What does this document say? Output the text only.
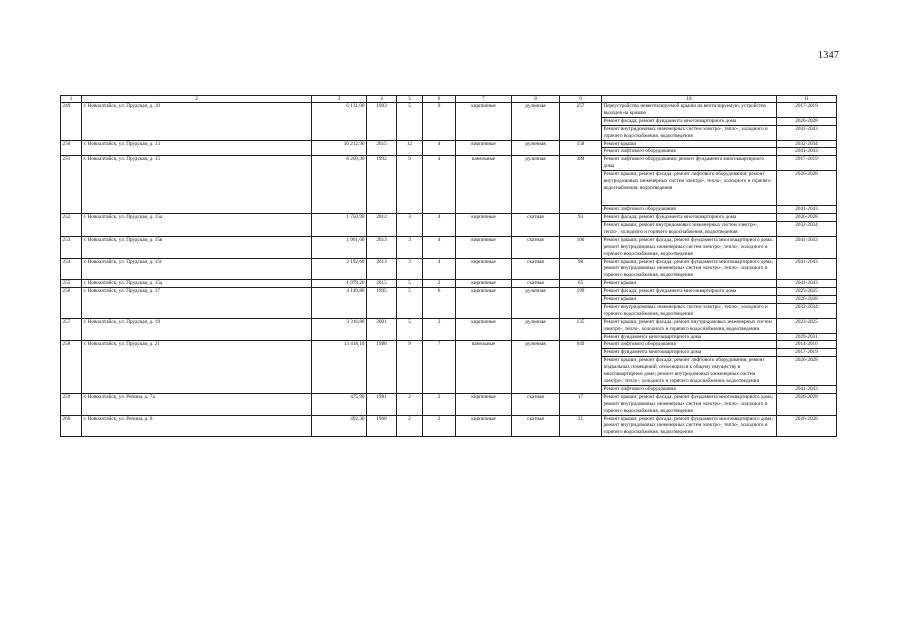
1347
1	2	3	4	5	6	7	8	9	10	11
249	г. Новоалтайск, ул. Прудская, д. 10	6 131,00	1983	5	9	кирпичные	рулонная	257	Переустройство невентилируемой крыши на вентилируемую, устройство выходов на кровлю	2017-2019
									Ремонт фасада; ремонт фундамента многоквартирного дома	2026-2028
									Ремонт внутридомовых инженерных систем электро-, тепло-, холодного и горячего водоснабжения, водоотведения	2041-2043
250	г. Новоалтайск, ул. Прудская, д. 13	10 212,90	2015	12	4	кирпичные	рулонная	158	Ремонт крыши	2032-2034
									Ремонт лифтового оборудования	2041-2043
251	г. Новоалтайск, ул. Прудская, д. 15	8 269,30	1992	9	4	панельные	рулонная	384	Ремонт лифтового оборудования; ремонт фундамента многоквартирного дома	2017-2019
									Ремонт крыши; ремонт фасада; ремонт лифтового оборудования; ремонт внутридомовых инженерных систем электро-, тепло-, холодного и горячего водоснабжения, водоотведения	2026-2028
									Ремонт лифтового оборудования	2041-2043
252	г. Новоалтайск, ул. Прудская, д. 15а	1 750,90	2012	3	4	кирпичные	скатная	93	Ремонт фасада; ремонт фундамента многоквартирного дома	2026-2028
									Ремонт крыши; ремонт внутридомовых инженерных систем электро-, тепло-, холодного и горячего водоснабжения, водоотведения	2032-2034
253	г. Новоалтайск, ул. Прудская, д. 15в	1 961,00	2013	3	4	кирпичные	скатная	100	Ремонт крыши; ремонт фасада; ремонт фундамента многоквартирного дома; ремонт внутридомовых инженерных систем электро-, тепло-, холодного и горячего водоснабжения, водоотведения	2041-2043
254	г. Новоалтайск, ул. Прудская, д. 15г	2 192,60	2013	3	4	кирпичные	скатная	98	Ремонт крыши; ремонт фасада; ремонт фундамента многоквартирного дома; ремонт внутридомовых инженерных систем электро-, тепло-, холодного и горячего водоснабжения, водоотведения	2041-2043
255	г. Новоалтайск, ул. Прудская, д. 15д	1 979,20	2015	5	2	кирпичные	скатная	65	Ремонт крыши	2041-2043
256	г. Новоалтайск, ул. Прудская, д. 17	4 149,86	1995	5	6	кирпичные	рулонная	199	Ремонт фасада; ремонт фундамента многоквартирного дома	2023-2025
									Ремонт крыши	2026-2028
									Ремонт внутридомовых инженерных систем электро-, тепло-, холодного и горячего водоснабжения, водоотведения	2032-2034
257	г. Новоалтайск, ул. Прудская, д. 19	3 316,80	2001	5	3	кирпичные	рулонная	135	Ремонт крыши; ремонт фасада; ремонт внутридомовых инженерных систем электро-, тепло-, холодного и горячего водоснабжения, водоотведения	2023-2025
									Ремонт фундамента многоквартирного дома	2029-2031
258	г. Новоалтайск, ул. Прудская, д. 21	13 418,10	1988	9	7	панельные	рулонная	649	Ремонт лифтового оборудования	2014-2016
									Ремонт фундамента многоквартирного дома	2017-2019
									Ремонт крыши; ремонт фасада; ремонт лифтового оборудования; ремонт подвальных помещений, относящихся к общему имуществу в многоквартирном доме; ремонт внутридомовых инженерных систем электро-, тепло-, холодного и горячего водоснабжения, водоотведения	2026-2028
									Ремонт лифтового оборудования	2041-2043
259	г. Новоалтайск, ул. Репина, д. 7а	475,90	1981	2	2	кирпичные	скатная	17	Ремонт крыши; ремонт фасада; ремонт фундамента многоквартирного дома; ремонт внутридомовых инженерных систем электро-, тепло-, холодного и горячего водоснабжения, водоотведения	2026-2028
260	г. Новоалтайск, ул. Репина, д. 8	492,30	1968	2	2	кирпичные	скатная	21	Ремонт крыши; ремонт фасада; ремонт фундамента многоквартирного дома; ремонт внутридомовых инженерных систем электро-, тепло-, холодного и горячего водоснабжения, водоотведения	2026-2028
